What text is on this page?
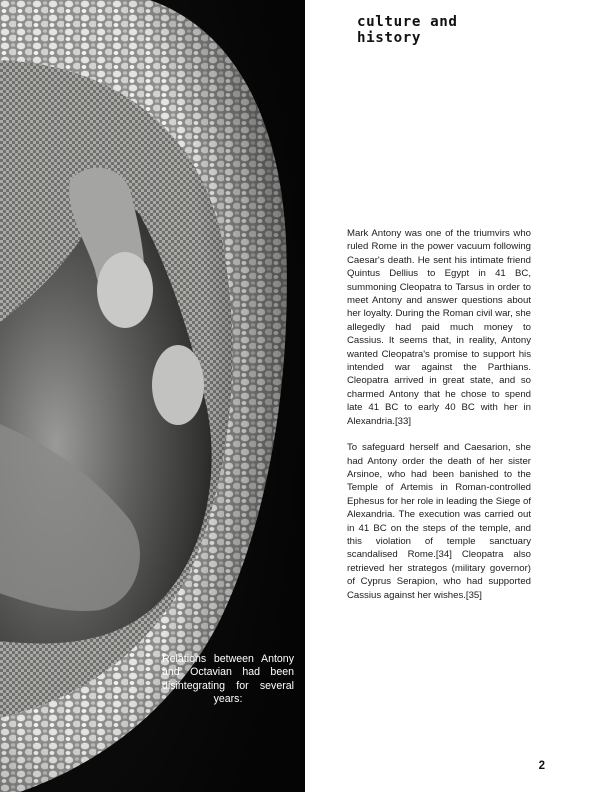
Relations between Antony and Octavian had been disintegrating for several years:
culture and history

Mark Antony was one of the triumvirs who ruled Rome in the power vacuum following Caesar's death. He sent his intimate friend Quintus Dellius to Egypt in 41 BC, summoning Cleopatra to Tarsus in order to meet Antony and answer questions about her loyalty. During the Roman civil war, she allegedly had paid much money to Cassius. It seems that, in reality, Antony wanted Cleopatra's promise to support his intended war against the Parthians. Cleopatra arrived in great state, and so charmed Antony that he chose to spend late 41 BC to early 40 BC with her in Alexandria.[33]

To safeguard herself and Caesarion, she had Antony order the death of her sister Arsinoe, who had been banished to the Temple of Artemis in Roman-controlled Ephesus for her role in leading the Siege of Alexandria. The execution was carried out in 41 BC on the steps of the temple, and this violation of temple sanctuary scandalised Rome.[34] Cleopatra also retrieved her strategos (military governor) of Cyprus Serapion, who had supported Cassius against her wishes.[35]

2
